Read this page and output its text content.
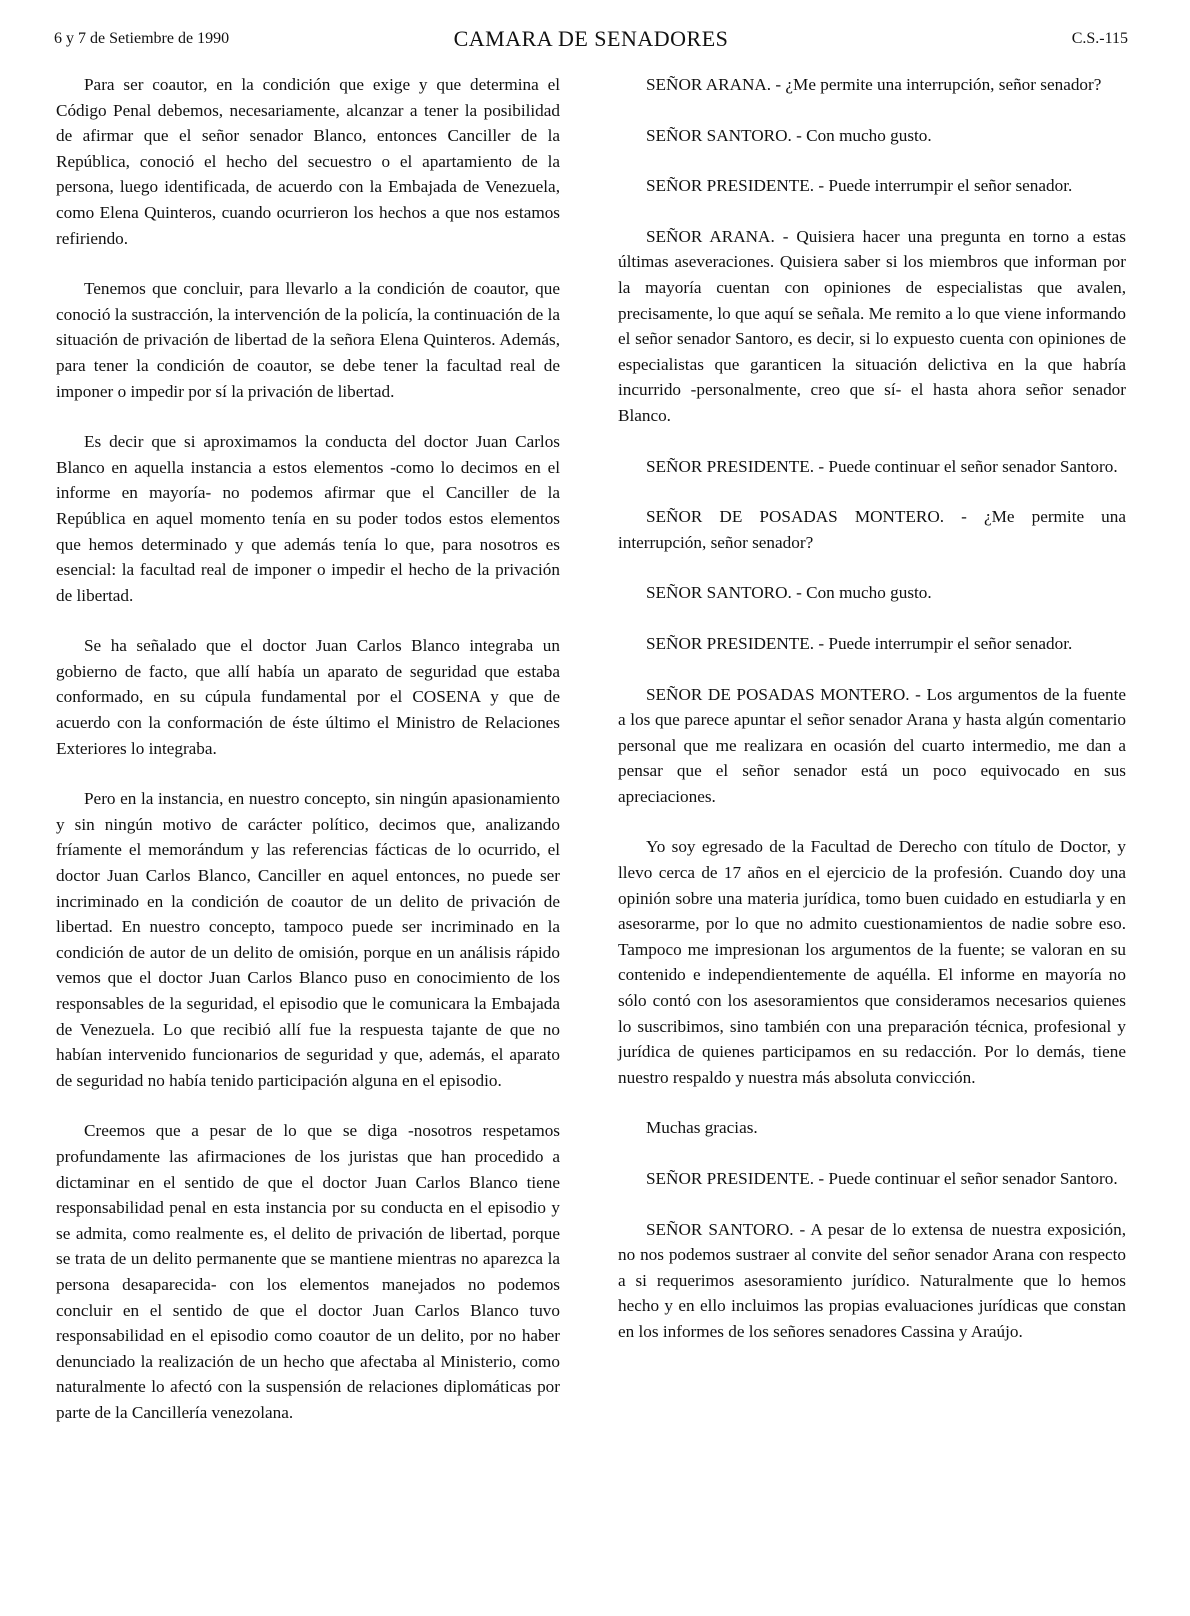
6 y 7 de Setiembre de 1990	CAMARA DE SENADORES	C.S.-115

Para ser coautor, en la condición que exige y que determina el Código Penal debemos, necesariamente, alcanzar a tener la posibilidad de afirmar que el señor senador Blanco, entonces Canciller de la República, conoció el hecho del secuestro o el apartamiento de la persona, luego identificada, de acuerdo con la Embajada de Venezuela, como Elena Quinteros, cuando ocurrieron los hechos a que nos estamos refiriendo.

Tenemos que concluir, para llevarlo a la condición de coautor, que conoció la sustracción, la intervención de la policía, la continuación de la situación de privación de libertad de la señora Elena Quinteros. Además, para tener la condición de coautor, se debe tener la facultad real de imponer o impedir por sí la privación de libertad.

Es decir que si aproximamos la conducta del doctor Juan Carlos Blanco en aquella instancia a estos elementos -como lo decimos en el informe en mayoría- no podemos afirmar que el Canciller de la República en aquel momento tenía en su poder todos estos elementos que hemos determinado y que además tenía lo que, para nosotros es esencial: la facultad real de imponer o impedir el hecho de la privación de libertad.

Se ha señalado que el doctor Juan Carlos Blanco integraba un gobierno de facto, que allí había un aparato de seguridad que estaba conformado, en su cúpula fundamental por el COSENA y que de acuerdo con la conformación de éste último el Ministro de Relaciones Exteriores lo integraba.

Pero en la instancia, en nuestro concepto, sin ningún apasionamiento y sin ningún motivo de carácter político, decimos que, analizando fríamente el memorándum y las referencias fácticas de lo ocurrido, el doctor Juan Carlos Blanco, Canciller en aquel entonces, no puede ser incriminado en la condición de coautor de un delito de privación de libertad. En nuestro concepto, tampoco puede ser incriminado en la condición de autor de un delito de omisión, porque en un análisis rápido vemos que el doctor Juan Carlos Blanco puso en conocimiento de los responsables de la seguridad, el episodio que le comunicara la Embajada de Venezuela. Lo que recibió allí fue la respuesta tajante de que no habían intervenido funcionarios de seguridad y que, además, el aparato de seguridad no había tenido participación alguna en el episodio.

Creemos que a pesar de lo que se diga -nosotros respetamos profundamente las afirmaciones de los juristas que han procedido a dictaminar en el sentido de que el doctor Juan Carlos Blanco tiene responsabilidad penal en esta instancia por su conducta en el episodio y se admita, como realmente es, el delito de privación de libertad, porque se trata de un delito permanente que se mantiene mientras no aparezca la persona desaparecida- con los elementos manejados no podemos concluir en el sentido de que el doctor Juan Carlos Blanco tuvo responsabilidad en el episodio como coautor de un delito, por no haber denunciado la realización de un hecho que afectaba al Ministerio, como naturalmente lo afectó con la suspensión de relaciones diplomáticas por parte de la Cancillería venezolana.

SEÑOR ARANA. - ¿Me permite una interrupción, señor senador?

SEÑOR SANTORO. - Con mucho gusto.

SEÑOR PRESIDENTE. - Puede interrumpir el señor senador.

SEÑOR ARANA. - Quisiera hacer una pregunta en torno a estas últimas aseveraciones. Quisiera saber si los miembros que informan por la mayoría cuentan con opiniones de especialistas que avalen, precisamente, lo que aquí se señala. Me remito a lo que viene informando el señor senador Santoro, es decir, si lo expuesto cuenta con opiniones de especialistas que garanticen la situación delictiva en la que habría incurrido -personalmente, creo que sí- el hasta ahora señor senador Blanco.

SEÑOR PRESIDENTE. - Puede continuar el señor senador Santoro.

SEÑOR DE POSADAS MONTERO. - ¿Me permite una interrupción, señor senador?

SEÑOR SANTORO. - Con mucho gusto.

SEÑOR PRESIDENTE. - Puede interrumpir el señor senador.

SEÑOR DE POSADAS MONTERO. - Los argumentos de la fuente a los que parece apuntar el señor senador Arana y hasta algún comentario personal que me realizara en ocasión del cuarto intermedio, me dan a pensar que el señor senador está un poco equivocado en sus apreciaciones.

Yo soy egresado de la Facultad de Derecho con título de Doctor, y llevo cerca de 17 años en el ejercicio de la profesión. Cuando doy una opinión sobre una materia jurídica, tomo buen cuidado en estudiarla y en asesorarme, por lo que no admito cuestionamientos de nadie sobre eso. Tampoco me impresionan los argumentos de la fuente; se valoran en su contenido e independientemente de aquélla. El informe en mayoría no sólo contó con los asesoramientos que consideramos necesarios quienes lo suscribimos, sino también con una preparación técnica, profesional y jurídica de quienes participamos en su redacción. Por lo demás, tiene nuestro respaldo y nuestra más absoluta convicción.

Muchas gracias.

SEÑOR PRESIDENTE. - Puede continuar el señor senador Santoro.

SEÑOR SANTORO. - A pesar de lo extensa de nuestra exposición, no nos podemos sustraer al convite del señor senador Arana con respecto a si requerimos asesoramiento jurídico. Naturalmente que lo hemos hecho y en ello incluimos las propias evaluaciones jurídicas que constan en los informes de los señores senadores Cassina y Araújo.
